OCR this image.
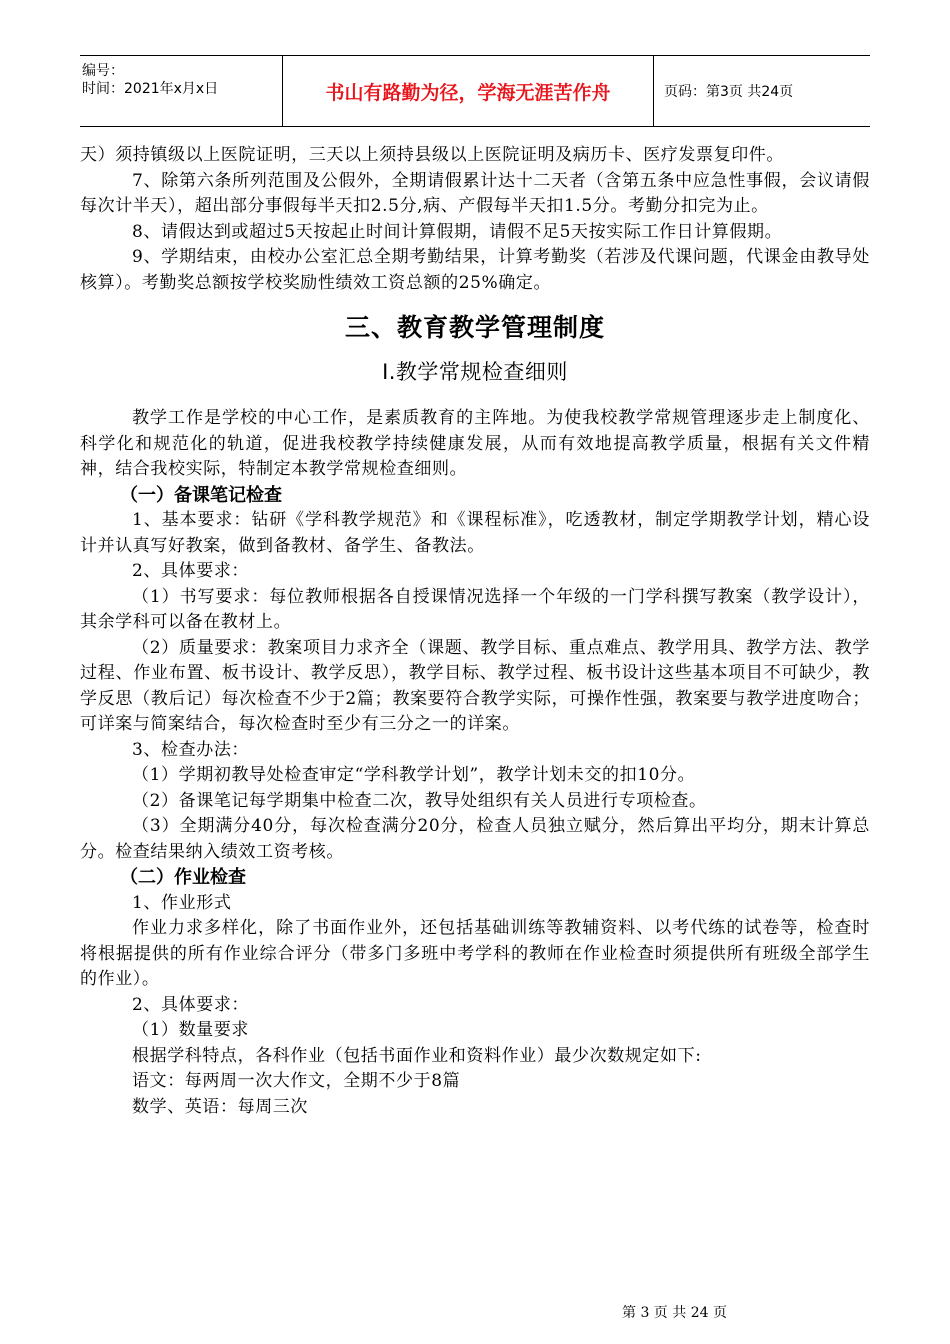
编号：
时间：2021年x月x日	书山有路勤为径，学海无涯苦作舟	页码：第3页 共24页

天）须持镇级以上医院证明，三天以上须持县级以上医院证明及病历卡、医疗发票复印件。

7、除第六条所列范围及公假外，全期请假累计达十二天者（含第五条中应急性事假，会议请假每次计半天），超出部分事假每半天扣2.5分,病、产假每半天扣1.5分。考勤分扣完为止。

8、请假达到或超过5天按起止时间计算假期，请假不足5天按实际工作日计算假期。

9、学期结束，由校办公室汇总全期考勤结果，计算考勤奖（若涉及代课问题，代课金由教导处核算）。考勤奖总额按学校奖励性绩效工资总额的25%确定。

三、教育教学管理制度
Ⅰ.教学常规检查细则

教学工作是学校的中心工作，是素质教育的主阵地。为使我校教学常规管理逐步走上制度化、科学化和规范化的轨道，促进我校教学持续健康发展，从而有效地提高教学质量，根据有关文件精神，结合我校实际，特制定本教学常规检查细则。

（一）备课笔记检查

1、基本要求：钻研《学科教学规范》和《课程标准》，吃透教材，制定学期教学计划，精心设计并认真写好教案，做到备教材、备学生、备教法。

2、具体要求：

（1）书写要求：每位教师根据各自授课情况选择一个年级的一门学科撰写教案（教学设计），其余学科可以备在教材上。

（2）质量要求：教案项目力求齐全（课题、教学目标、重点难点、教学用具、教学方法、教学过程、作业布置、板书设计、教学反思），教学目标、教学过程、板书设计这些基本项目不可缺少，教学反思（教后记）每次检查不少于2篇；教案要符合教学实际，可操作性强，教案要与教学进度吻合；可详案与简案结合，每次检查时至少有三分之一的详案。

3、检查办法：

（1）学期初教导处检查审定“学科教学计划”，教学计划未交的扣10分。

（2）备课笔记每学期集中检查二次，教导处组织有关人员进行专项检查。

（3）全期满分40分，每次检查满分20分，检查人员独立赋分，然后算出平均分，期末计算总分。检查结果纳入绩效工资考核。

（二）作业检查

1、作业形式

作业力求多样化，除了书面作业外，还包括基础训练等教辅资料、以考代练的试卷等，检查时将根据提供的所有作业综合评分（带多门多班中考学科的教师在作业检查时须提供所有班级全部学生的作业）。

2、具体要求：

（1）数量要求

根据学科特点，各科作业（包括书面作业和资料作业）最少次数规定如下:

语文：每两周一次大作文，全期不少于8篇

数学、英语：每周三次

第 3 页 共 24 页
